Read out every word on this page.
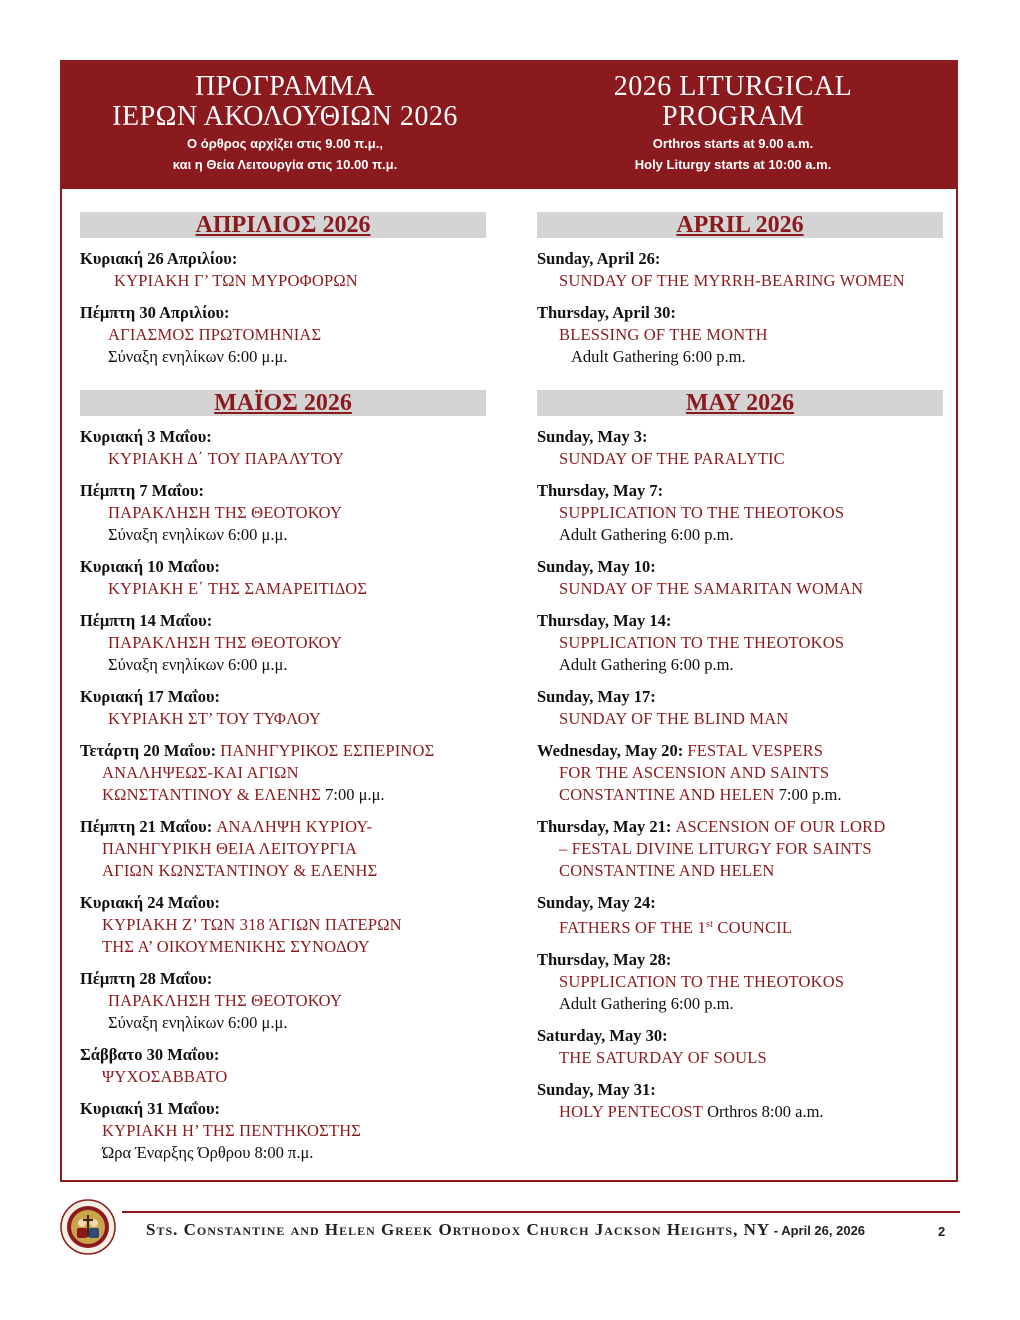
ΠΡΟΓΡΑΜΜΑ
ΙΕΡΩΝ ΑΚΟΛΟΥΘΙΩΝ 2026
Ο όρθρος αρχίζει στις 9.00 π.μ.,
και η Θεία Λειτουργία στις 10.00 π.μ.
2026 LITURGICAL
PROGRAM
Orthros starts at 9.00 a.m.
Holy Liturgy starts at 10:00 a.m.
ΑΠΡΙΛΙΟΣ 2026
Κυριακή 26 Απριλίου:
ΚΥΡΙΑΚΗ Γ’ ΤΩΝ ΜΥΡΟΦΟΡΩΝ
Πέμπτη 30 Απριλίου:
ΑΓΙΑΣΜΟΣ ΠΡΩΤΟΜΗΝΙΑΣ
Σύναξη ενηλίκων 6:00 μ.μ.
ΜΑΪΟΣ 2026
Κυριακή 3 Μαΐου:
ΚΥΡΙΑΚΗ Δ΄ ΤΟΥ ΠΑΡΑΛΥΤΟΥ
Πέμπτη 7 Μαΐου:
ΠΑΡΑΚΛΗΣΗ ΤΗΣ ΘΕΟΤΟΚΟΥ
Σύναξη ενηλίκων 6:00 μ.μ.
Κυριακή 10 Μαΐου:
ΚΥΡΙΑΚΗ Ε΄ ΤΗΣ ΣΑΜΑΡΕΙΤΙΔΟΣ
Πέμπτη 14 Μαΐου:
ΠΑΡΑΚΛΗΣΗ ΤΗΣ ΘΕΟΤΟΚΟΥ
Σύναξη ενηλίκων 6:00 μ.μ.
Κυριακή 17 Μαΐου:
ΚΥΡΙΑΚΗ ΣΤ’ ΤΟΥ ΤΥΦΛΟΥ
Τετάρτη 20 Μαΐου: ΠΑΝΗΓΥΡΙΚΟΣ ΕΣΠΕΡΙΝΟΣ
ΑΝΑΛΗΨΕΩΣ-ΚΑΙ ΑΓΙΩΝ
ΚΩΝΣΤΑΝΤΙΝΟΥ & ΕΛΕΝΗΣ 7:00 μ.μ.
Πέμπτη 21 Μαΐου: ΑΝΑΛΗΨΗ ΚΥΡΙΟΥ-
ΠΑΝΗΓΥΡΙΚΗ ΘΕΙΑ ΛΕΙΤΟΥΡΓΙΑ
ΑΓΙΩΝ ΚΩΝΣΤΑΝΤΙΝΟΥ & ΕΛΕΝΗΣ
Κυριακή 24 Μαΐου:
ΚΥΡΙΑΚΗ Ζ’ ΤΩΝ 318 ΆΓΙΩΝ ΠΑΤΕΡΩΝ
ΤΗΣ Α’ ΟΙΚΟΥΜΕΝΙΚΗΣ ΣΥΝΟΔΟΥ
Πέμπτη 28 Μαΐου:
ΠΑΡΑΚΛΗΣΗ ΤΗΣ ΘΕΟΤΟΚΟΥ
Σύναξη ενηλίκων 6:00 μ.μ.
Σάββατο 30 Μαΐου:
ΨΥΧΟΣΑΒΒΑΤΟ
Κυριακή 31 Μαΐου:
ΚΥΡΙΑΚΗ Η’ ΤΗΣ ΠΕΝΤΗΚΟΣΤΗΣ
Ώρα Έναρξης Όρθρου 8:00 π.μ.
APRIL 2026
Sunday, April 26:
SUNDAY OF THE MYRRH-BEARING WOMEN
Thursday, April 30:
BLESSING OF THE MONTH
Adult Gathering 6:00 p.m.
MAY 2026
Sunday, May 3:
SUNDAY OF THE PARALYTIC
Thursday, May 7:
SUPPLICATION TO THE THEOTOKOS
Adult Gathering 6:00 p.m.
Sunday, May 10:
SUNDAY OF THE SAMARITAN WOMAN
Thursday, May 14:
SUPPLICATION TO THE THEOTOKOS
Adult Gathering 6:00 p.m.
Sunday, May 17:
SUNDAY OF THE BLIND MAN
Wednesday, May 20: FESTAL VESPERS
FOR THE ASCENSION AND SAINTS
CONSTANTINE AND HELEN 7:00 p.m.
Thursday, May 21: ASCENSION OF OUR LORD
– FESTAL DIVINE LITURGY FOR SAINTS
CONSTANTINE AND HELEN
Sunday, May 24:
FATHERS OF THE 1st COUNCIL
Thursday, May 28:
SUPPLICATION TO THE THEOTOKOS
Adult Gathering 6:00 p.m.
Saturday, May 30:
THE SATURDAY OF SOULS
Sunday, May 31:
HOLY PENTECOST Orthros 8:00 a.m.
Sts. Constantine and Helen Greek Orthodox Church Jackson Heights, NY - April 26, 2026	2
